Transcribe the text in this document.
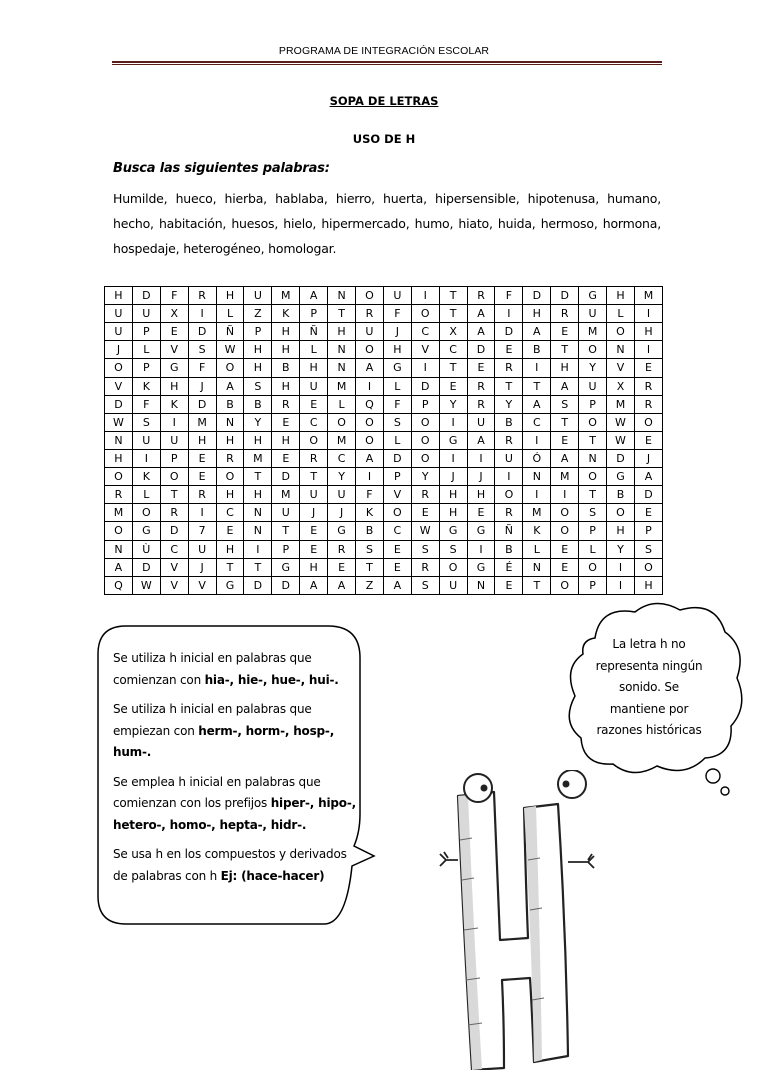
PROGRAMA DE INTEGRACIÓN ESCOLAR
SOPA DE LETRAS
USO DE H
Busca las siguientes palabras:
Humilde, hueco, hierba, hablaba, hierro, huerta, hipersensible, hipotenusa, humano, hecho, habitación, huesos, hielo, hipermercado, humo, hiato, huida, hermoso, hormona, hospedaje, heterogéneo, homologar.
H	D	F	R	H	U	M	A	N	O	U	I	T	R	F	D	D	G	H	M
U	U	X	I	L	Z	K	P	T	R	F	O	T	A	I	H	R	U	L	I
U	P	E	D	Ñ	P	H	Ñ	H	U	J	C	X	A	D	A	E	M	O	H
J	L	V	S	W	H	H	L	N	O	H	V	C	D	E	B	T	O	N	I
O	P	G	F	O	H	B	H	N	A	G	I	T	E	R	I	H	Y	V	E
V	K	H	J	A	S	H	U	M	I	L	D	E	R	T	T	A	U	X	R
D	F	K	D	B	B	R	E	L	Q	F	P	Y	R	Y	A	S	P	M	R
W	S	I	M	N	Y	E	C	O	O	S	O	I	U	B	C	T	O	W	O
N	U	U	H	H	H	H	O	M	O	L	O	G	A	R	I	E	T	W	E
H	I	P	E	R	M	E	R	C	A	D	O	I	I	U	Ó	A	N	D	J
O	K	O	E	O	T	D	T	Y	I	P	Y	J	J	I	N	M	O	G	A
R	L	T	R	H	H	M	U	U	F	V	R	H	H	O	I	I	T	B	D
M	O	R	I	C	N	U	J	J	K	O	E	H	E	R	M	O	S	O	E
O	G	D	7	E	N	T	E	G	B	C	W	G	G	Ñ	K	O	P	H	P
N	Ù	C	U	H	I	P	E	R	S	E	S	S	I	B	L	E	L	Y	S
A	D	V	J	T	T	G	H	E	T	E	R	O	G	É	N	E	O	I	O
Q	W	V	V	G	D	D	A	A	Z	A	S	U	N	E	T	O	P	I	H

Se utiliza h inicial en palabras que comienzan con hia-, hie-, hue-, hui-.

Se utiliza h inicial en palabras que empiezan con herm-, horm-, hosp-, hum-.

Se emplea h inicial en palabras que comienzan con los prefijos hiper-, hipo-, hetero-, homo-, hepta-, hidr-.

Se usa h en los compuestos y derivados de palabras con h Ej: (hace-hacer)

La letra h no
representa ningún
sonido. Se
mantiene por
razones históricas
